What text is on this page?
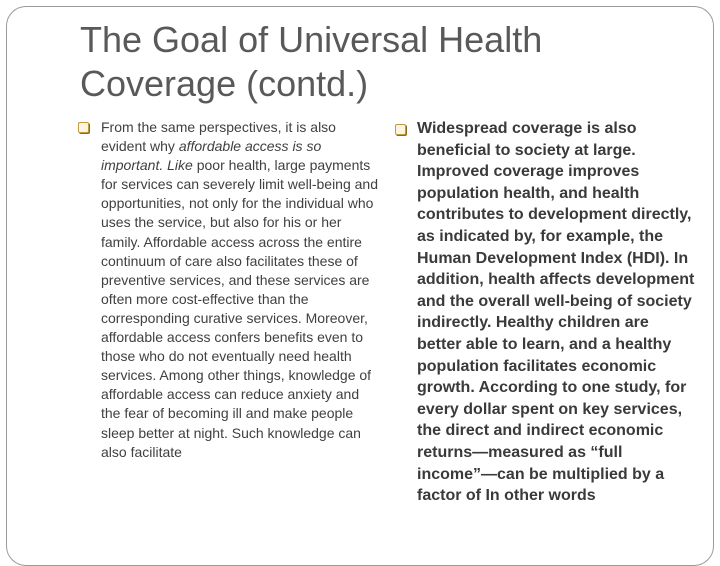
The Goal of Universal Health
Coverage (contd.)
From the same perspectives, it is also evident why affordable access is so important. Like poor health, large payments for services can severely limit well-being and opportunities, not only for the individual who uses the service, but also for his or her family. Affordable access across the entire continuum of care also facilitates these of preventive services, and these services are often more cost-effective than the corresponding curative services. Moreover, affordable access confers benefits even to those who do not eventually need health services. Among other things, knowledge of affordable access can reduce anxiety and the fear of becoming ill and make people sleep better at night. Such knowledge can also facilitate
Widespread coverage is also beneficial to society at large. Improved coverage improves population health, and health contributes to development directly, as indicated by, for example, the Human Development Index (HDI). In addition, health affects development and the overall well-being of society indirectly. Healthy children are better able to learn, and a healthy population facilitates economic growth. According to one study, for every dollar spent on key services, the direct and indirect economic returns—measured as “full income”—can be multiplied by a factor of In other words
